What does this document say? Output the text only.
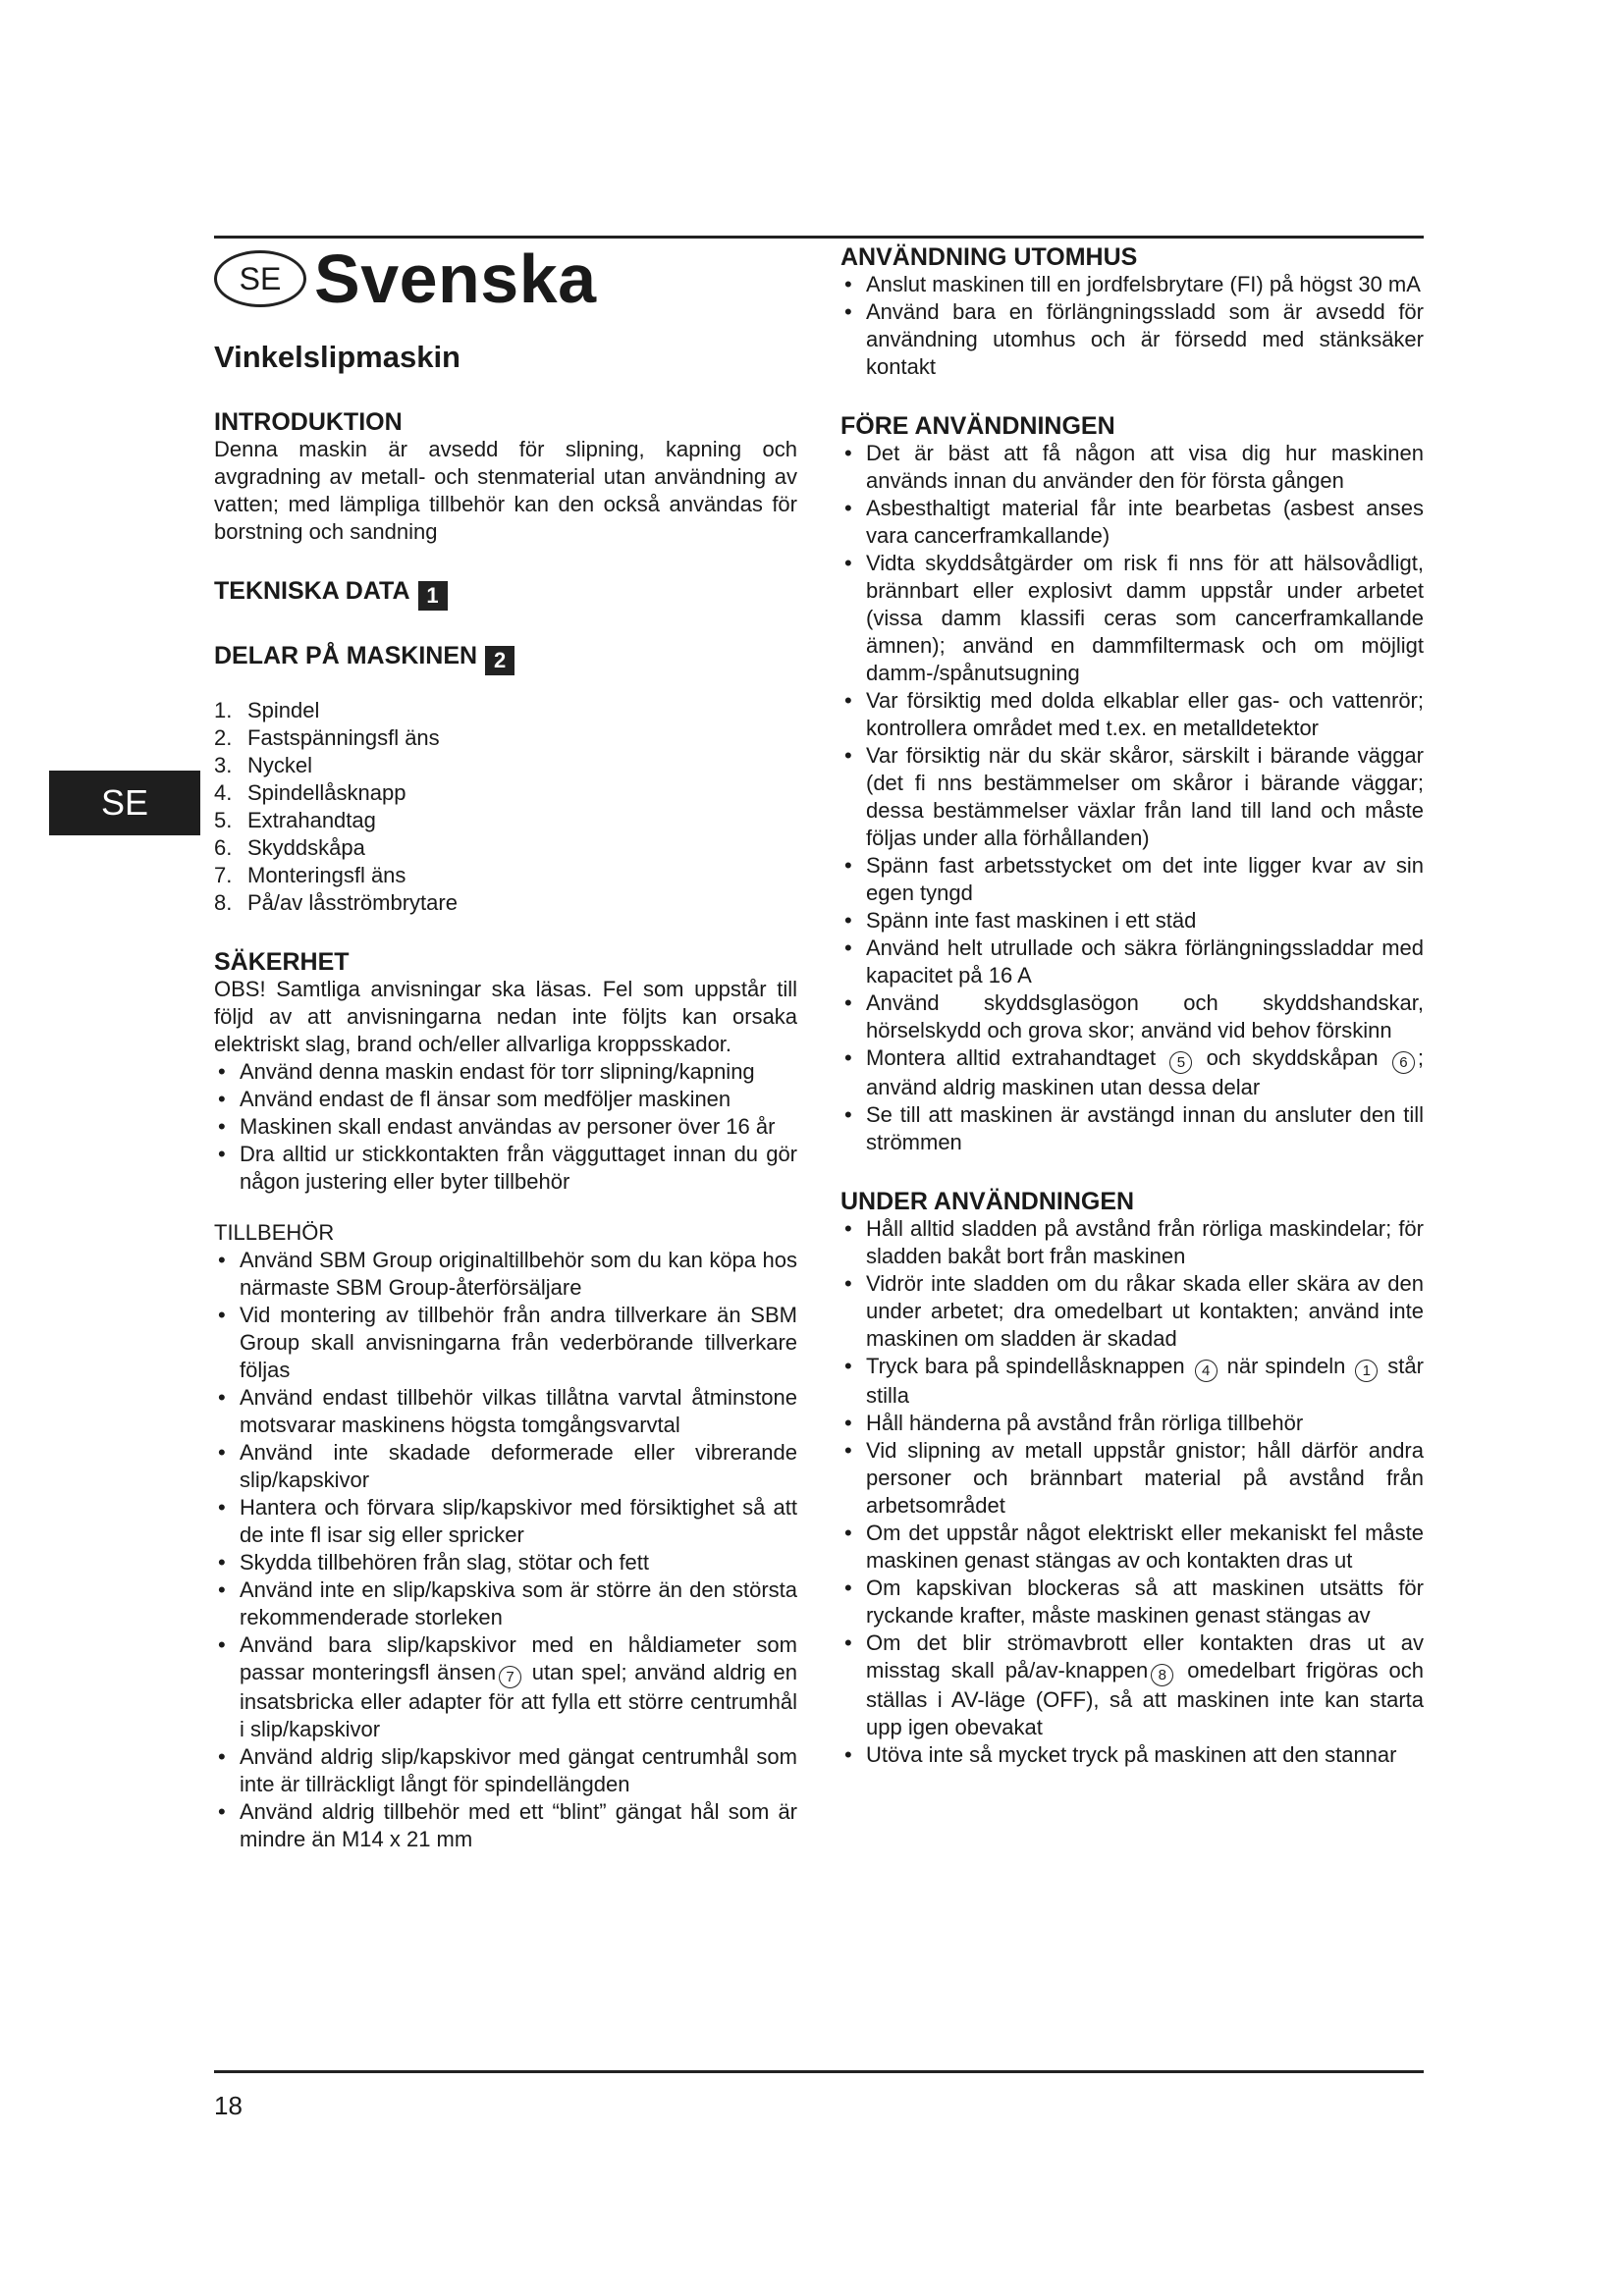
SE
SE Svenska
Vinkelslipmaskin
INTRODUKTION

Denna maskin är avsedd för slipning, kapning och avgradning av metall- och stenmaterial utan användning av vatten; med lämpliga tillbehör kan den också användas för borstning och sandning

TEKNISKA DATA 1
DELAR PÅ MASKINEN 2
1. Spindel
2. Fastspänningsfl äns
3. Nyckel
4. Spindellåsknapp
5. Extrahandtag
6. Skyddskåpa
7. Monteringsfl äns
8. På/av låsströmbrytare
SÄKERHET

OBS! Samtliga anvisningar ska läsas. Fel som uppstår till följd av att anvisningarna nedan inte följts kan orsaka elektriskt slag, brand och/eller allvarliga kroppsskador.

• Använd denna maskin endast för torr slipning/kapning
• Använd endast de fl änsar som medföljer maskinen
• Maskinen skall endast användas av personer över 16 år
• Dra alltid ur stickkontakten från vägguttaget innan du gör någon justering eller byter tillbehör

TILLBEHÖR

• Använd SBM Group originaltillbehör som du kan köpa hos närmaste SBM Group-återförsäljare
• Vid montering av tillbehör från andra tillverkare än SBM Group skall anvisningarna från vederbörande tillverkare följas
• Använd endast tillbehör vilkas tillåtna varvtal åtminstone motsvarar maskinens högsta tomgångsvarvtal
• Använd inte skadade deformerade eller vibrerande slip/kapskivor
• Hantera och förvara slip/kapskivor med försiktighet så att de inte fl isar sig eller spricker
• Skydda tillbehören från slag, stötar och fett
• Använd inte en slip/kapskiva som är större än den största rekommenderade storleken
• Använd bara slip/kapskivor med en håldiameter som passar monteringsfl änsen 7 utan spel; använd aldrig en insatsbricka eller adapter för att fylla ett större centrumhål i slip/kapskivor
• Använd aldrig slip/kapskivor med gängat centrumhål som inte är tillräckligt långt för spindellängden
• Använd aldrig tillbehör med ett “blint” gängat hål som är mindre än M14 x 21 mm
ANVÄNDNING UTOMHUS
• Anslut maskinen till en jordfelsbrytare (FI) på högst 30 mA
• Använd bara en förlängningssladd som är avsedd för användning utomhus och är försedd med stänksäker kontakt
FÖRE ANVÄNDNINGEN
• Det är bäst att få någon att visa dig hur maskinen används innan du använder den för första gången
• Asbesthaltigt material får inte bearbetas (asbest anses vara cancerframkallande)
• Vidta skyddsåtgärder om risk fi nns för att hälsovådligt, brännbart eller explosivt damm uppstår under arbetet (vissa damm klassifi ceras som cancerframkallande ämnen); använd en dammfiltermask och om möjligt damm-/spånutsugning
• Var försiktig med dolda elkablar eller gas- och vattenrör; kontrollera området med t.ex. en metalldetektor
• Var försiktig när du skär skåror, särskilt i bärande väggar (det fi nns bestämmelser om skåror i bärande väggar; dessa bestämmelser växlar från land till land och måste följas under alla förhållanden)
• Spänn fast arbetsstycket om det inte ligger kvar av sin egen tyngd
• Spänn inte fast maskinen i ett städ
• Använd helt utrullade och säkra förlängningssladdar med kapacitet på 16 A
• Använd skyddsglasögon och skyddshandskar, hörselskydd och grova skor; använd vid behov förskinn
• Montera alltid extrahandtaget 5 och skyddskåpan 6 ; använd aldrig maskinen utan dessa delar
• Se till att maskinen är avstängd innan du ansluter den till strömmen
UNDER ANVÄNDNINGEN
• Håll alltid sladden på avstånd från rörliga maskindelar; för sladden bakåt bort från maskinen
• Vidrör inte sladden om du råkar skada eller skära av den under arbetet; dra omedelbart ut kontakten; använd inte maskinen om sladden är skadad
• Tryck bara på spindellåsknappen 4 när spindeln 1 står stilla
• Håll händerna på avstånd från rörliga tillbehör
• Vid slipning av metall uppstår gnistor; håll därför andra personer och brännbart material på avstånd från arbetsområdet
• Om det uppstår något elektriskt eller mekaniskt fel måste maskinen genast stängas av och kontakten dras ut
• Om kapskivan blockeras så att maskinen utsätts för ryckande krafter, måste maskinen genast stängas av
• Om det blir strömavbrott eller kontakten dras ut av misstag skall på/av-knappen 8 omedelbart frigöras och ställas i AV-läge (OFF), så att maskinen inte kan starta upp igen obevakat
• Utöva inte så mycket tryck på maskinen att den stannar
18
